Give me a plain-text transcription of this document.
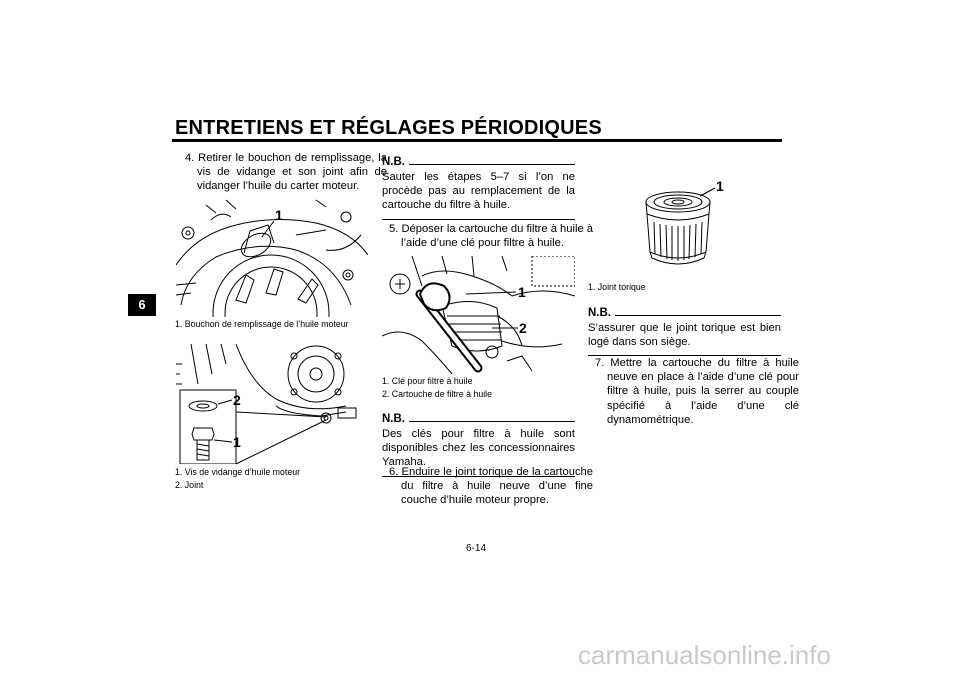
ENTRETIENS ET RÉGLAGES PÉRIODIQUES
6
4. Retirer le bouchon de remplissage, la vis de vidange et son joint afin de vidanger l’huile du carter moteur.
1
1. Bouchon de remplissage de l’huile moteur
2
1
1. Vis de vidange d’huile moteur
2. Joint
N.B.
Sauter les étapes 5–7 si l’on ne procède pas au remplacement de la cartouche du filtre à huile.
5. Déposer la cartouche du filtre à huile à l’aide d’une clé pour filtre à huile.
1
2
1. Clé pour filtre à huile
2. Cartouche de filtre à huile
N.B.
Des clés pour filtre à huile sont disponibles chez les concessionnaires Yamaha.
6. Enduire le joint torique de la cartouche du filtre à huile neuve d’une fine couche d’huile moteur propre.
1
1. Joint torique
N.B.
S’assurer que le joint torique est bien logé dans son siège.
7. Mettre la cartouche du filtre à huile neuve en place à l’aide d’une clé pour filtre à huile, puis la serrer au couple spécifié à l’aide d’une clé dynamométrique.
6-14
carmanualsonline.info
